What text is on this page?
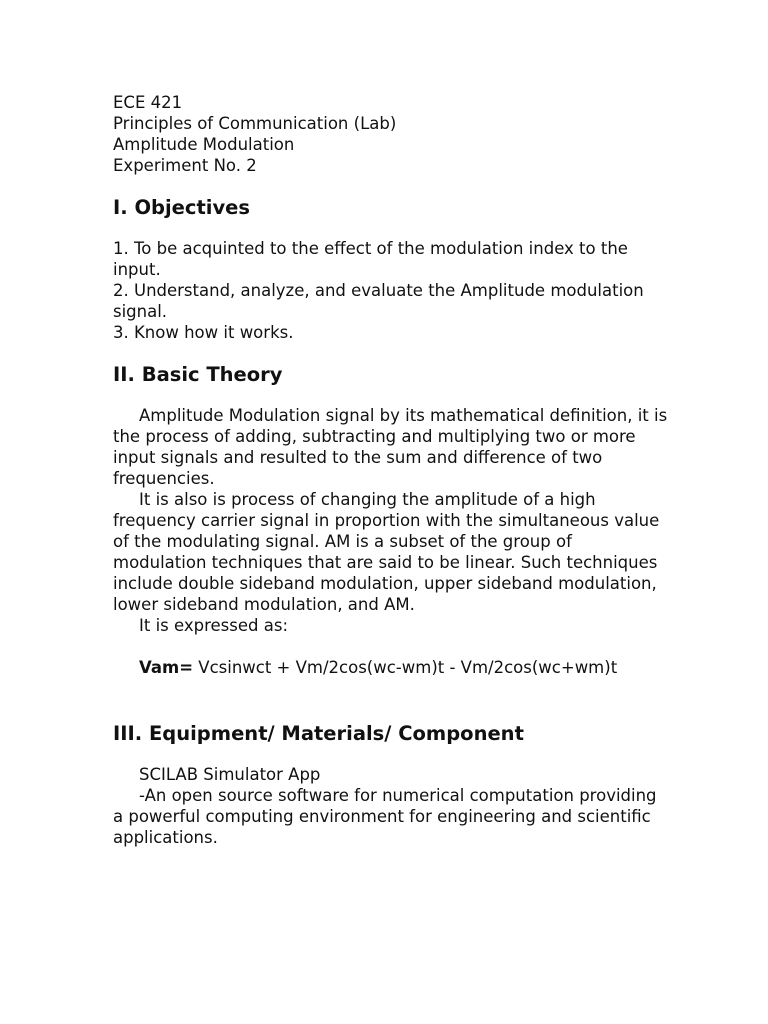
ECE 421
Principles of Communication (Lab)
Amplitude Modulation
Experiment No. 2
I. Objectives
1. To be acquinted to the effect of the modulation index to the input.
2. Understand, analyze, and evaluate the Amplitude modulation signal.
3. Know how it works.
II. Basic Theory
Amplitude Modulation signal by its mathematical definition, it is the process of adding, subtracting and multiplying two or more input signals and resulted to the sum and difference of two frequencies.
It is also is process of changing the amplitude of a high frequency carrier signal in proportion with the simultaneous value of the modulating signal. AM is a subset of the group of modulation techniques that are said to be linear. Such techniques include double sideband modulation, upper sideband modulation, lower sideband modulation, and AM.
It is expressed as:
Vam= Vcsinwct + Vm/2cos(wc-wm)t - Vm/2cos(wc+wm)t
III. Equipment/ Materials/ Component
SCILAB Simulator App
-An open source software for numerical computation providing a powerful computing environment for engineering and scientific applications.
